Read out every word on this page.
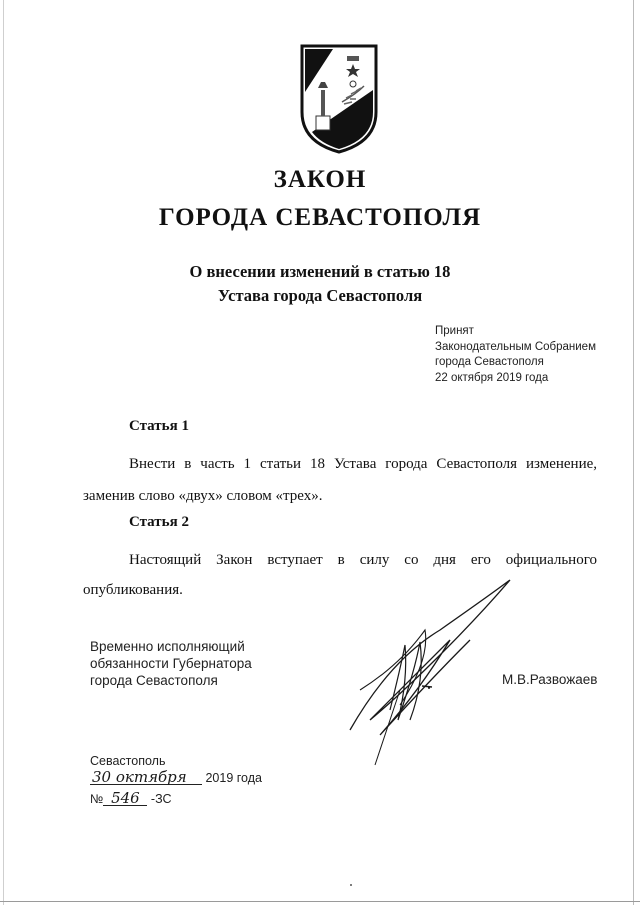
ЗАКОН
ГОРОДА СЕВАСТОПОЛЯ
О внесении изменений в статью 18
Устава города Севастополя
Принят
Законодательным Собранием
города Севастополя
22 октября 2019 года
Статья 1
Внести в часть 1 статьи 18 Устава города Севастополя изменение,
заменив слово «двух» словом «трех».
Статья 2
Настоящий Закон вступает в силу со дня его официального
опубликования.
Временно исполняющий
обязанности Губернатора
города Севастополя	М.В.Развожаев
Севастополь
30 октября 2019 года
№ 546 -ЗС
